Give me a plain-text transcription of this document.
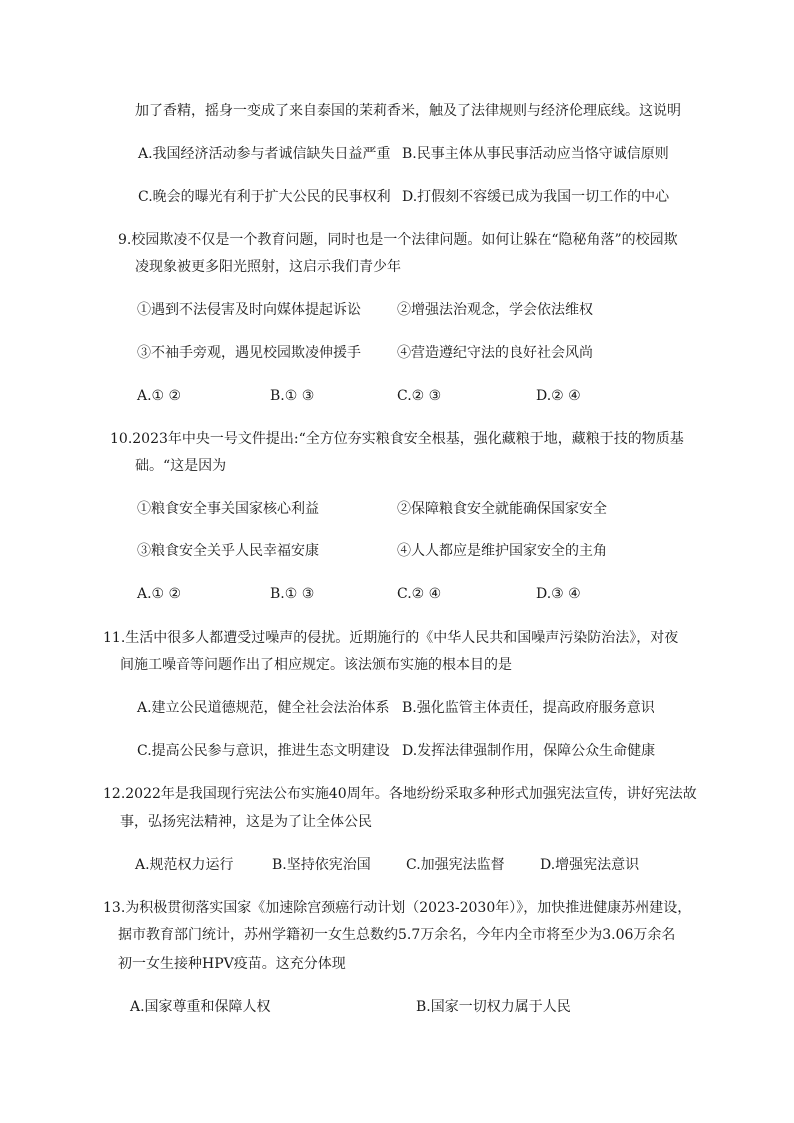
加了香精，摇身一变成了来自泰国的茉莉香米，触及了法律规则与经济伦理底线。这说明
A.我国经济活动参与者诚信缺失日益严重 B.民事主体从事民事活动应当恪守诚信原则
C.晚会的曝光有利于扩大公民的民事权利 D.打假刻不容缓已成为我国一切工作的中心
9.校园欺凌不仅是一个教育问题，同时也是一个法律问题。如何让躲在“隐秘角落”的校园欺
凌现象被更多阳光照射，这启示我们青少年
①遇到不法侵害及时向媒体提起诉讼	②增强法治观念，学会依法维权
③不袖手旁观，遇见校园欺凌伸援手	④营造遵纪守法的良好社会风尚
A.① ②	B.① ③	C.② ③	D.② ④
10.2023年中央一号文件提出:“全方位夯实粮食安全根基，强化藏粮于地，藏粮于技的物质基
础。“这是因为
①粮食安全事关国家核心利益	②保障粮食安全就能确保国家安全
③粮食安全关乎人民幸福安康	④人人都应是维护国家安全的主角
A.① ②	B.① ③	C.② ④	D.③ ④
11.生活中很多人都遭受过噪声的侵扰。近期施行的《中华人民共和国噪声污染防治法》，对夜
间施工噪音等问题作出了相应规定。该法颁布实施的根本目的是
A.建立公民道德规范，健全社会法治体系 B.强化监管主体责任，提高政府服务意识
C.提高公民参与意识，推进生态文明建设 D.发挥法律强制作用，保障公众生命健康
12.2022年是我国现行宪法公布实施40周年。各地纷纷采取多种形式加强宪法宣传，讲好宪法故
事，弘扬宪法精神，这是为了让全体公民
A.规范权力运行	B.坚持依宪治国	C.加强宪法监督	D.增强宪法意识
13.为积极贯彻落实国家《加速除宫颈癌行动计划（2023-2030年）》，加快推进健康苏州建设，
据市教育部门统计，苏州学籍初一女生总数约5.7万余名，今年内全市将至少为3.06万余名
初一女生接种HPV疫苗。这充分体现
A.国家尊重和保障人权	B.国家一切权力属于人民
